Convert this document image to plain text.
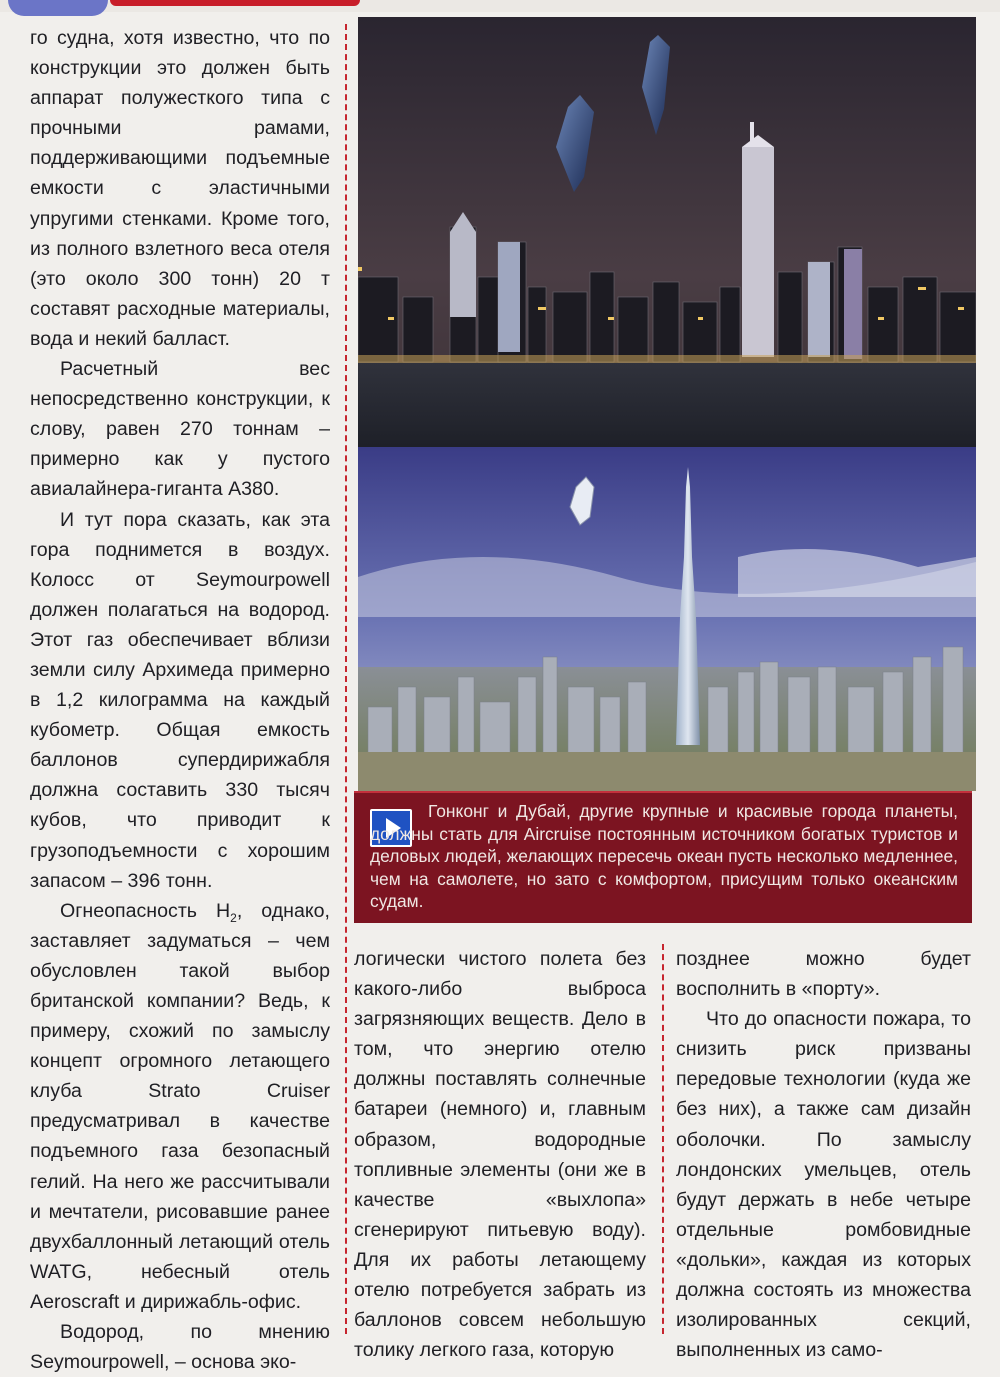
го судна, хотя известно, что по конструкции это должен быть аппарат полужесткого типа с прочными рамами, поддерживающими подъемные емкости с эластичными упругими стенками. Кроме того, из полного взлетного веса отеля (это около 300 тонн) 20 т составят расходные материалы, вода и некий балласт.

Расчетный вес непосредственно конструкции, к слову, равен 270 тоннам – примерно как у пустого авиалайнера-гиганта А380.

И тут пора сказать, как эта гора поднимется в воздух. Колосс от Seymourpowell должен полагаться на водород. Этот газ обеспечивает вблизи земли силу Архимеда примерно в 1,2 килограмма на каждый кубометр. Общая емкость баллонов супердирижабля должна составить 330 тысяч кубов, что приводит к грузоподъемности с хорошим запасом – 396 тонн.

Огнеопасность $Н_2$, однако, заставляет задуматься – чем обусловлен такой выбор британской компании? Ведь, к примеру, схожий по замыслу концепт огромного летающего клуба Strato Cruiser предусматривал в качестве подъемного газа безопасный гелий. На него же рассчитывали и мечтатели, рисовавшие ранее двухбаллонный летающий отель WATG, небесный отель Aeroscraft и дирижабль-офис.

Водород, по мнению Seymourpowell, – основа эко-

Гонконг и Дубай, другие крупные и красивые города планеты, должны стать для Aircruise постоянным источником богатых туристов и деловых людей, желающих пересечь океан пусть несколько медленнее, чем на самолете, но зато с комфортом, присущим только океанским судам.

логически чистого полета без какого-либо выброса загрязняющих веществ. Дело в том, что энергию отелю должны поставлять солнечные батареи (немного) и, главным образом, водородные топливные элементы (они же в качестве «выхлопа» сгенерируют питьевую воду). Для их работы летающему отелю потребуется забрать из баллонов совсем небольшую толику легкого газа, которую

позднее можно будет восполнить в «порту».

Что до опасности пожара, то снизить риск призваны передовые технологии (куда же без них), а также сам дизайн оболочки. По замыслу лондонских умельцев, отель будут держать в небе четыре отдельные ромбовидные «дольки», каждая из которых должна состоять из множества изолированных секций, выполненных из само-
